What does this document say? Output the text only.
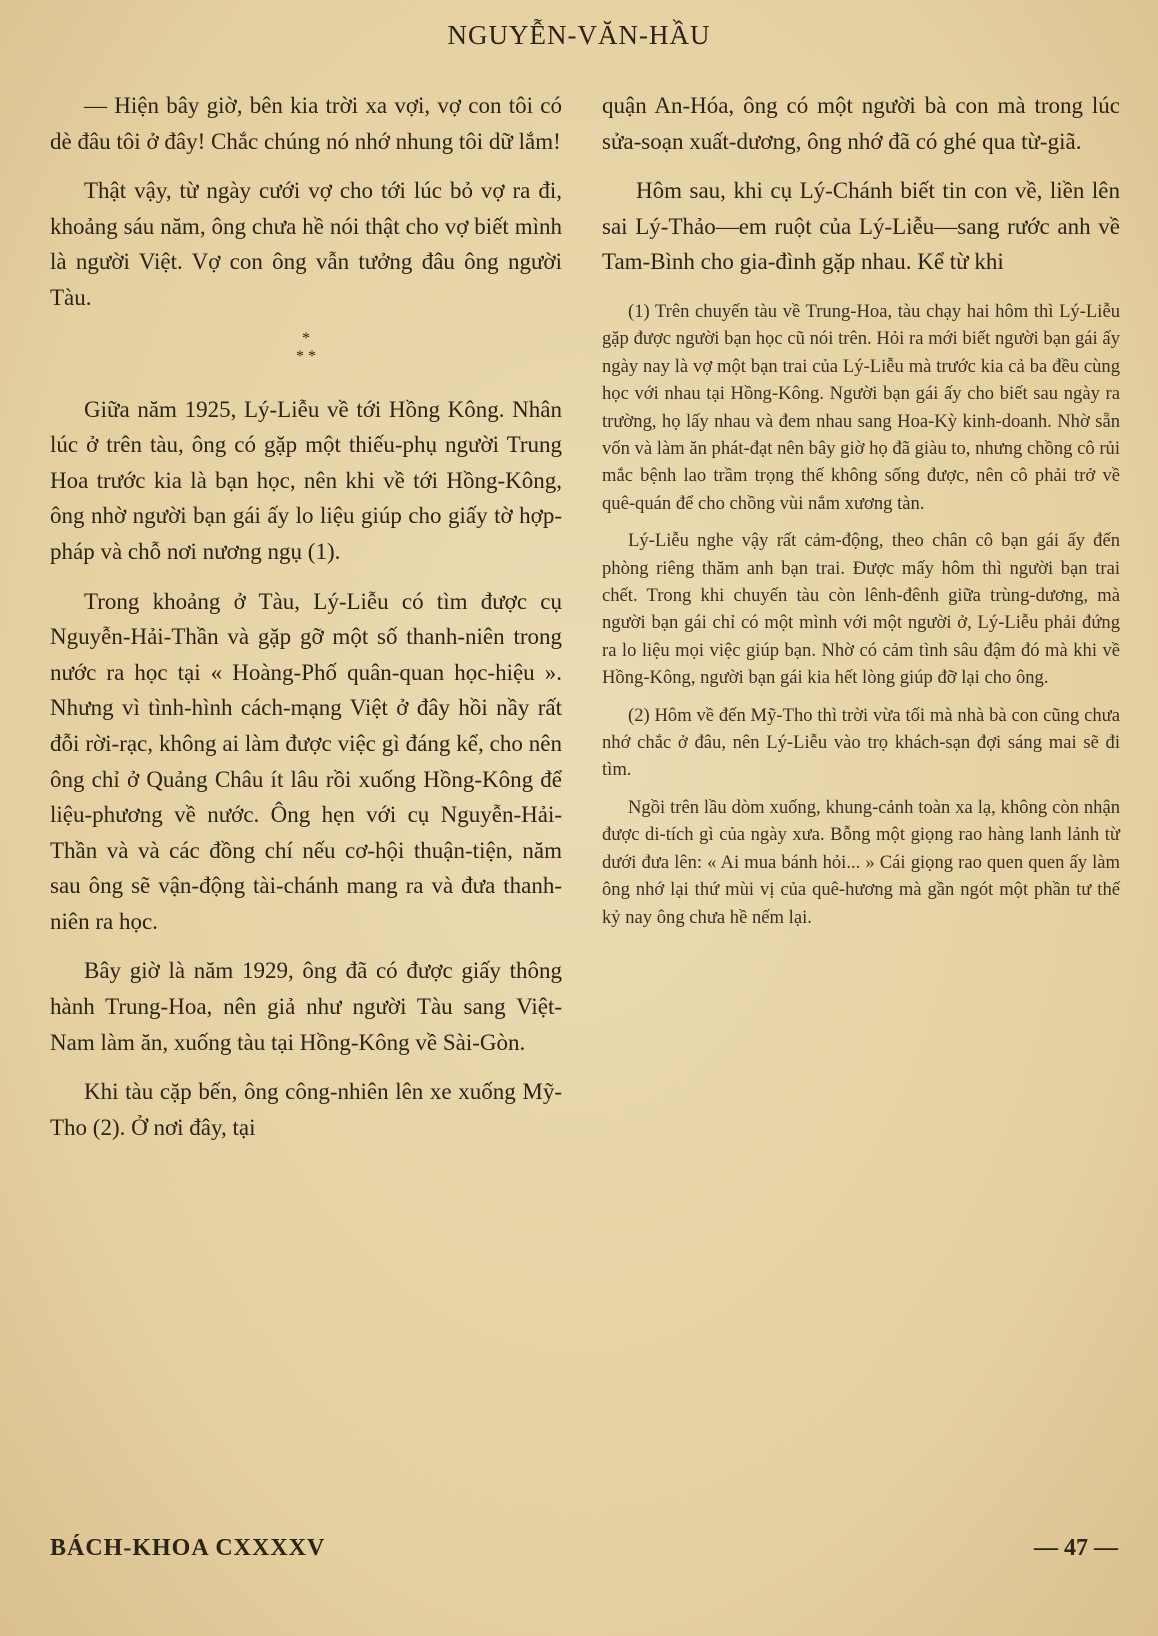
NGUYỄN-VĂN-HẦU

— Hiện bây giờ, bên kia trời xa vợi, vợ con tôi có dè đâu tôi ở đây! Chắc chúng nó nhớ nhung tôi dữ lắm!

Thật vậy, từ ngày cưới vợ cho tới lúc bỏ vợ ra đi, khoảng sáu năm, ông chưa hề nói thật cho vợ biết mình là người Việt. Vợ con ông vẫn tưởng đâu ông người Tàu.

*
* *

Giữa năm 1925, Lý-Liễu về tới Hồng Kông. Nhân lúc ở trên tàu, ông có gặp một thiếu-phụ người Trung Hoa trước kia là bạn học, nên khi về tới Hồng-Kông, ông nhờ người bạn gái ấy lo liệu giúp cho giấy tờ hợp-pháp và chỗ nơi nương ngụ (1).

Trong khoảng ở Tàu, Lý-Liễu có tìm được cụ Nguyễn-Hải-Thần và gặp gỡ một số thanh-niên trong nước ra học tại « Hoàng-Phố quân-quan học-hiệu ». Nhưng vì tình-hình cách-mạng Việt ở đây hồi nầy rất đỗi rời-rạc, không ai làm được việc gì đáng kể, cho nên ông chỉ ở Quảng Châu ít lâu rồi xuống Hồng-Kông để liệu-phương về nước. Ông hẹn với cụ Nguyễn-Hải-Thần và và các đồng chí nếu cơ-hội thuận-tiện, năm sau ông sẽ vận-động tài-chánh mang ra và đưa thanh-niên ra học.

Bây giờ là năm 1929, ông đã có được giấy thông hành Trung-Hoa, nên giả như người Tàu sang Việt-Nam làm ăn, xuống tàu tại Hồng-Kông về Sài-Gòn.

Khi tàu cặp bến, ông công-nhiên lên xe xuống Mỹ-Tho (2). Ở nơi đây, tại

quận An-Hóa, ông có một người bà con mà trong lúc sửa-soạn xuất-dương, ông nhớ đã có ghé qua từ-giã.

Hôm sau, khi cụ Lý-Chánh biết tin con về, liền lên sai Lý-Thảo—em ruột của Lý-Liễu—sang rước anh về Tam-Bình cho gia-đình gặp nhau. Kể từ khi

(1) Trên chuyến tàu về Trung-Hoa, tàu chạy hai hôm thì Lý-Liễu gặp được người bạn học cũ nói trên. Hỏi ra mới biết người bạn gái ấy ngày nay là vợ một bạn trai của Lý-Liễu mà trước kia cả ba đều cùng học với nhau tại Hồng-Kông. Người bạn gái ấy cho biết sau ngày ra trường, họ lấy nhau và đem nhau sang Hoa-Kỳ kinh-doanh. Nhờ sẵn vốn và làm ăn phát-đạt nên bây giờ họ đã giàu to, nhưng chồng cô rủi mắc bệnh lao trầm trọng thế không sống được, nên cô phải trở về quê-quán để cho chồng vùi nắm xương tàn.

Lý-Liễu nghe vậy rất cảm-động, theo chân cô bạn gái ấy đến phòng riêng thăm anh bạn trai. Được mấy hôm thì người bạn trai chết. Trong khi chuyến tàu còn lênh-đênh giữa trùng-dương, mà người bạn gái chỉ có một mình với một người ở, Lý-Liễu phải đứng ra lo liệu mọi việc giúp bạn. Nhờ có cảm tình sâu đậm đó mà khi về Hồng-Kông, người bạn gái kia hết lòng giúp đỡ lại cho ông.

(2) Hôm về đến Mỹ-Tho thì trời vừa tối mà nhà bà con cũng chưa nhớ chắc ở đâu, nên Lý-Liễu vào trọ khách-sạn đợi sáng mai sẽ đi tìm.

Ngồi trên lầu dòm xuống, khung-cảnh toàn xa lạ, không còn nhận được di-tích gì của ngày xưa. Bỗng một giọng rao hàng lanh lảnh từ dưới đưa lên: « Ai mua bánh hỏi... » Cái giọng rao quen quen ấy làm ông nhớ lại thứ mùi vị của quê-hương mà gần ngót một phần tư thế kỷ nay ông chưa hề nếm lại.

BÁCH-KHOA CXXXXV	— 47 —
